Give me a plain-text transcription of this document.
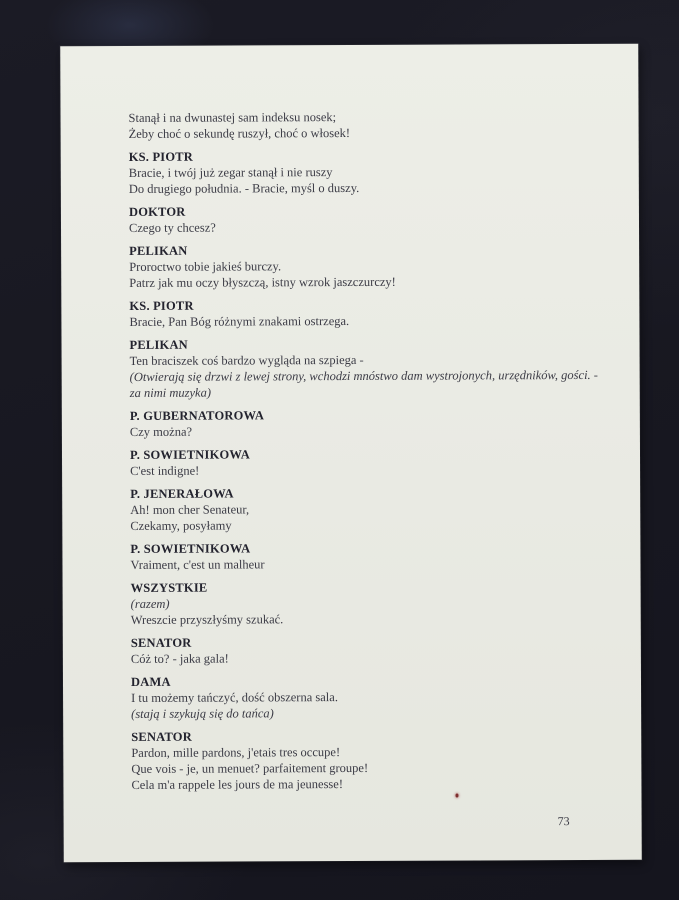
Stanął i na dwunastej sam indeksu nosek;
Żeby choć o sekundę ruszył, choć o włosek!
KS. PIOTR
Bracie, i twój już zegar stanął i nie ruszy
Do drugiego południa. - Bracie, myśl o duszy.
DOKTOR
Czego ty chcesz?
PELIKAN
Proroctwo tobie jakieś burczy.
Patrz jak mu oczy błyszczą, istny wzrok jaszczurczy!
KS. PIOTR
Bracie, Pan Bóg różnymi znakami ostrzega.
PELIKAN
Ten braciszek coś bardzo wygląda na szpiega -
(Otwierają się drzwi z lewej strony, wchodzi mnóstwo dam wystrojonych, urzędników, gości. -
za nimi muzyka)
P. GUBERNATOROWA
Czy można?
P. SOWIETNIKOWA
C'est indigne!
P. JENERAŁOWA
Ah! mon cher Senateur,
Czekamy, posyłamy
P. SOWIETNIKOWA
Vraiment, c'est un malheur
WSZYSTKIE
(razem)
Wreszcie przyszłyśmy szukać.
SENATOR
Cóż to? - jaka gala!
DAMA
I tu możemy tańczyć, dość obszerna sala.
(stają i szykują się do tańca)
SENATOR
Pardon, mille pardons, j'etais tres occupe!
Que vois - je, un menuet? parfaitement groupe!
Cela m'a rappele les jours de ma jeunesse!
73
